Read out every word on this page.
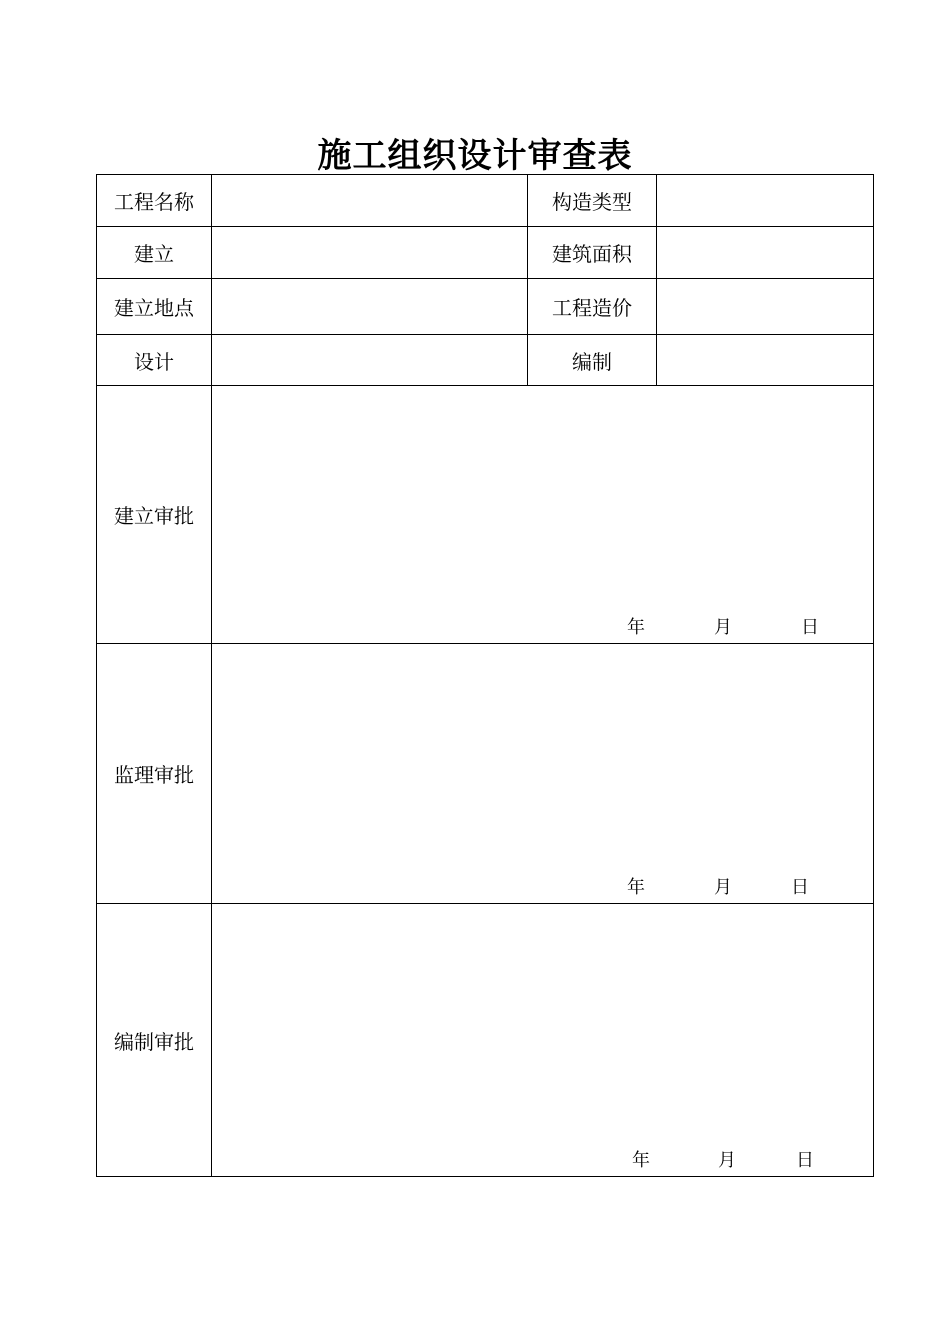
施工组织设计审查表
工程名称		构造类型	
建立		建筑面积	
建立地点		工程造价	
设计		编制	
建立审批	年 月 日		

监理审批	年 月 日		

编制审批	年 月 日		
